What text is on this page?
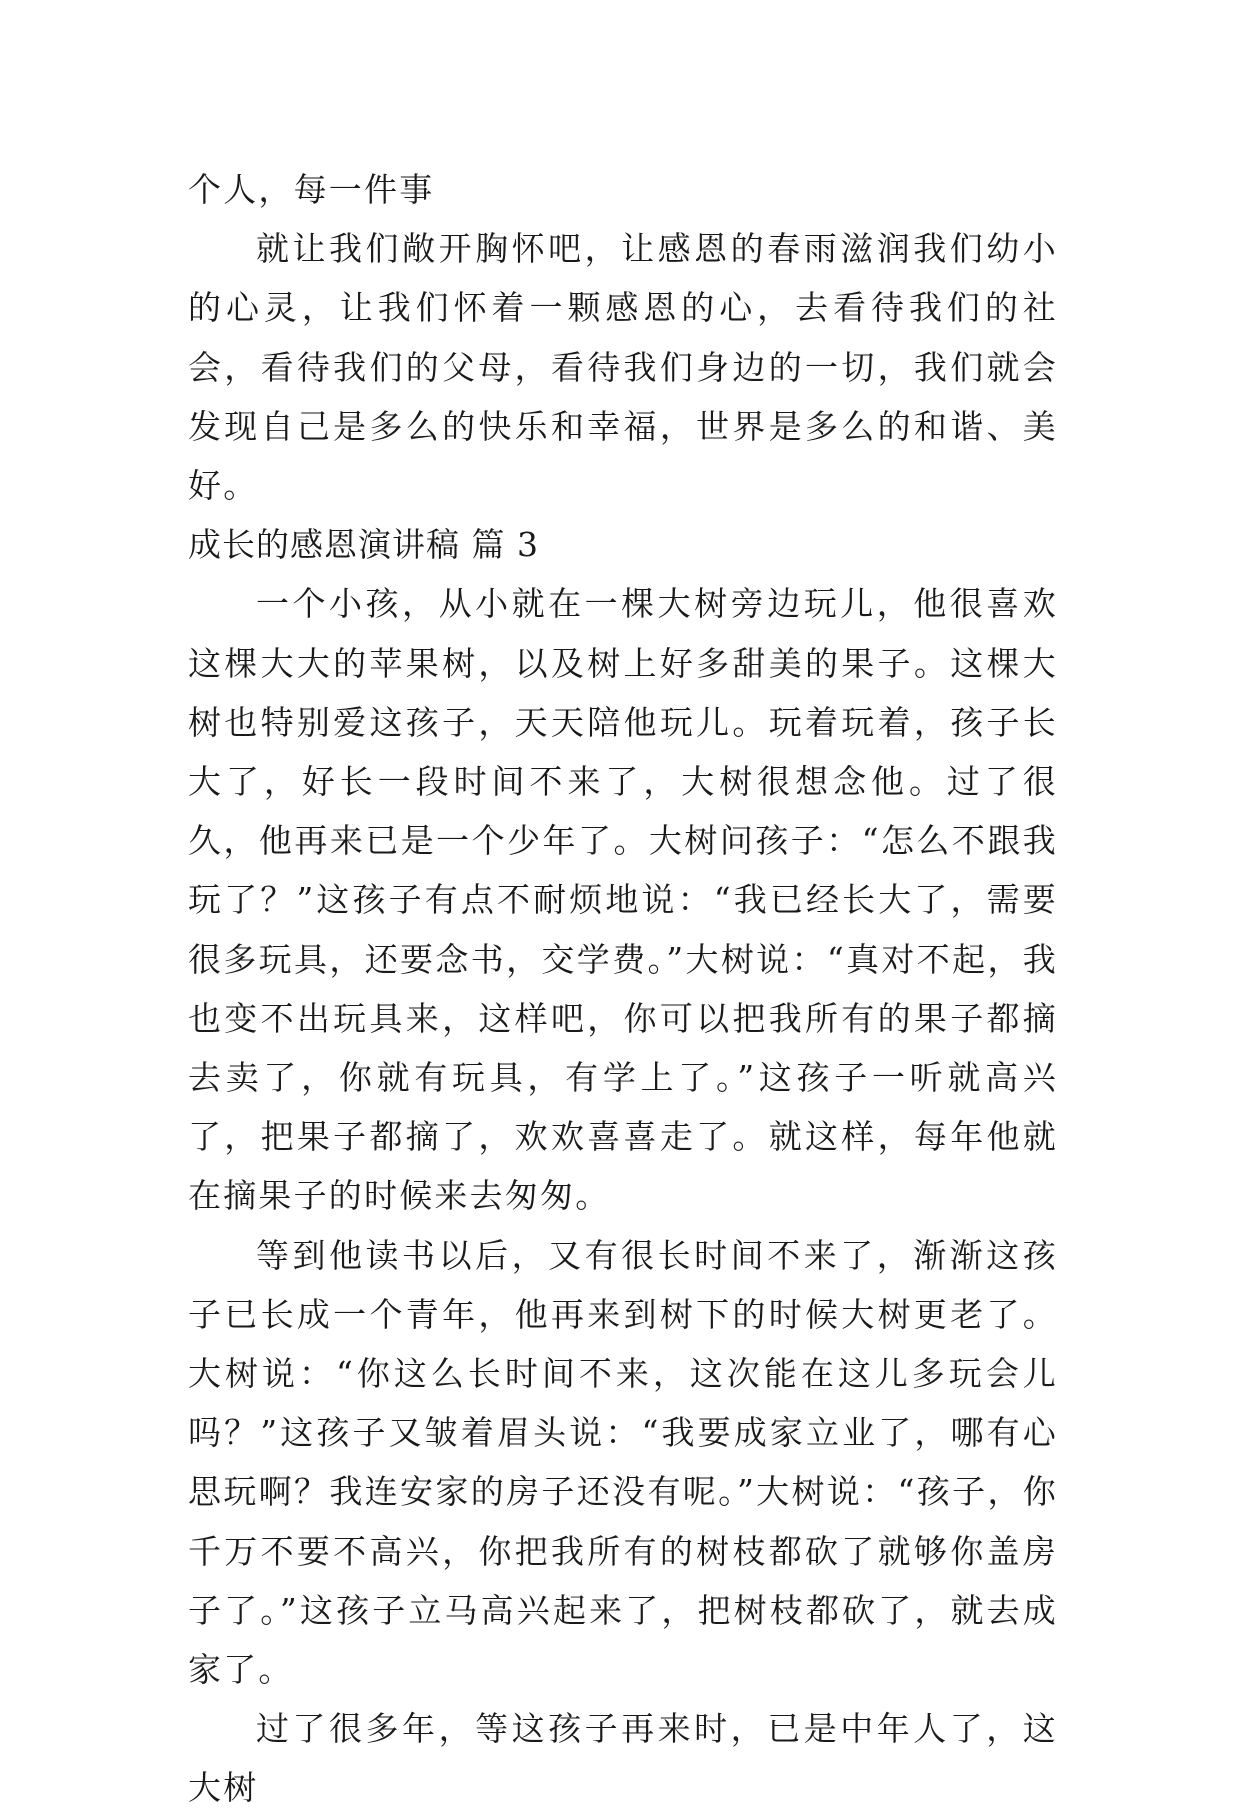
个人，每一件事

就让我们敞开胸怀吧，让感恩的春雨滋润我们幼小的心灵，让我们怀着一颗感恩的心，去看待我们的社会，看待我们的父母，看待我们身边的一切，我们就会发现自己是多么的快乐和幸福，世界是多么的和谐、美好。

成长的感恩演讲稿 篇 3

一个小孩，从小就在一棵大树旁边玩儿，他很喜欢这棵大大的苹果树，以及树上好多甜美的果子。这棵大树也特别爱这孩子，天天陪他玩儿。玩着玩着，孩子长大了，好长一段时间不来了，大树很想念他。过了很久，他再来已是一个少年了。大树问孩子：“怎么不跟我玩了？”这孩子有点不耐烦地说：“我已经长大了，需要很多玩具，还要念书，交学费。”大树说：“真对不起，我也变不出玩具来，这样吧，你可以把我所有的果子都摘去卖了，你就有玩具，有学上了。”这孩子一听就高兴了，把果子都摘了，欢欢喜喜走了。就这样，每年他就在摘果子的时候来去匆匆。

等到他读书以后，又有很长时间不来了，渐渐这孩子已长成一个青年，他再来到树下的时候大树更老了。大树说：“你这么长时间不来，这次能在这儿多玩会儿吗？”这孩子又皱着眉头说：“我要成家立业了，哪有心思玩啊？我连安家的房子还没有呢。”大树说：“孩子，你千万不要不高兴，你把我所有的树枝都砍了就够你盖房子了。”这孩子立马高兴起来了，把树枝都砍了，就去成家了。

过了很多年，等这孩子再来时，已是中年人了，这大树
